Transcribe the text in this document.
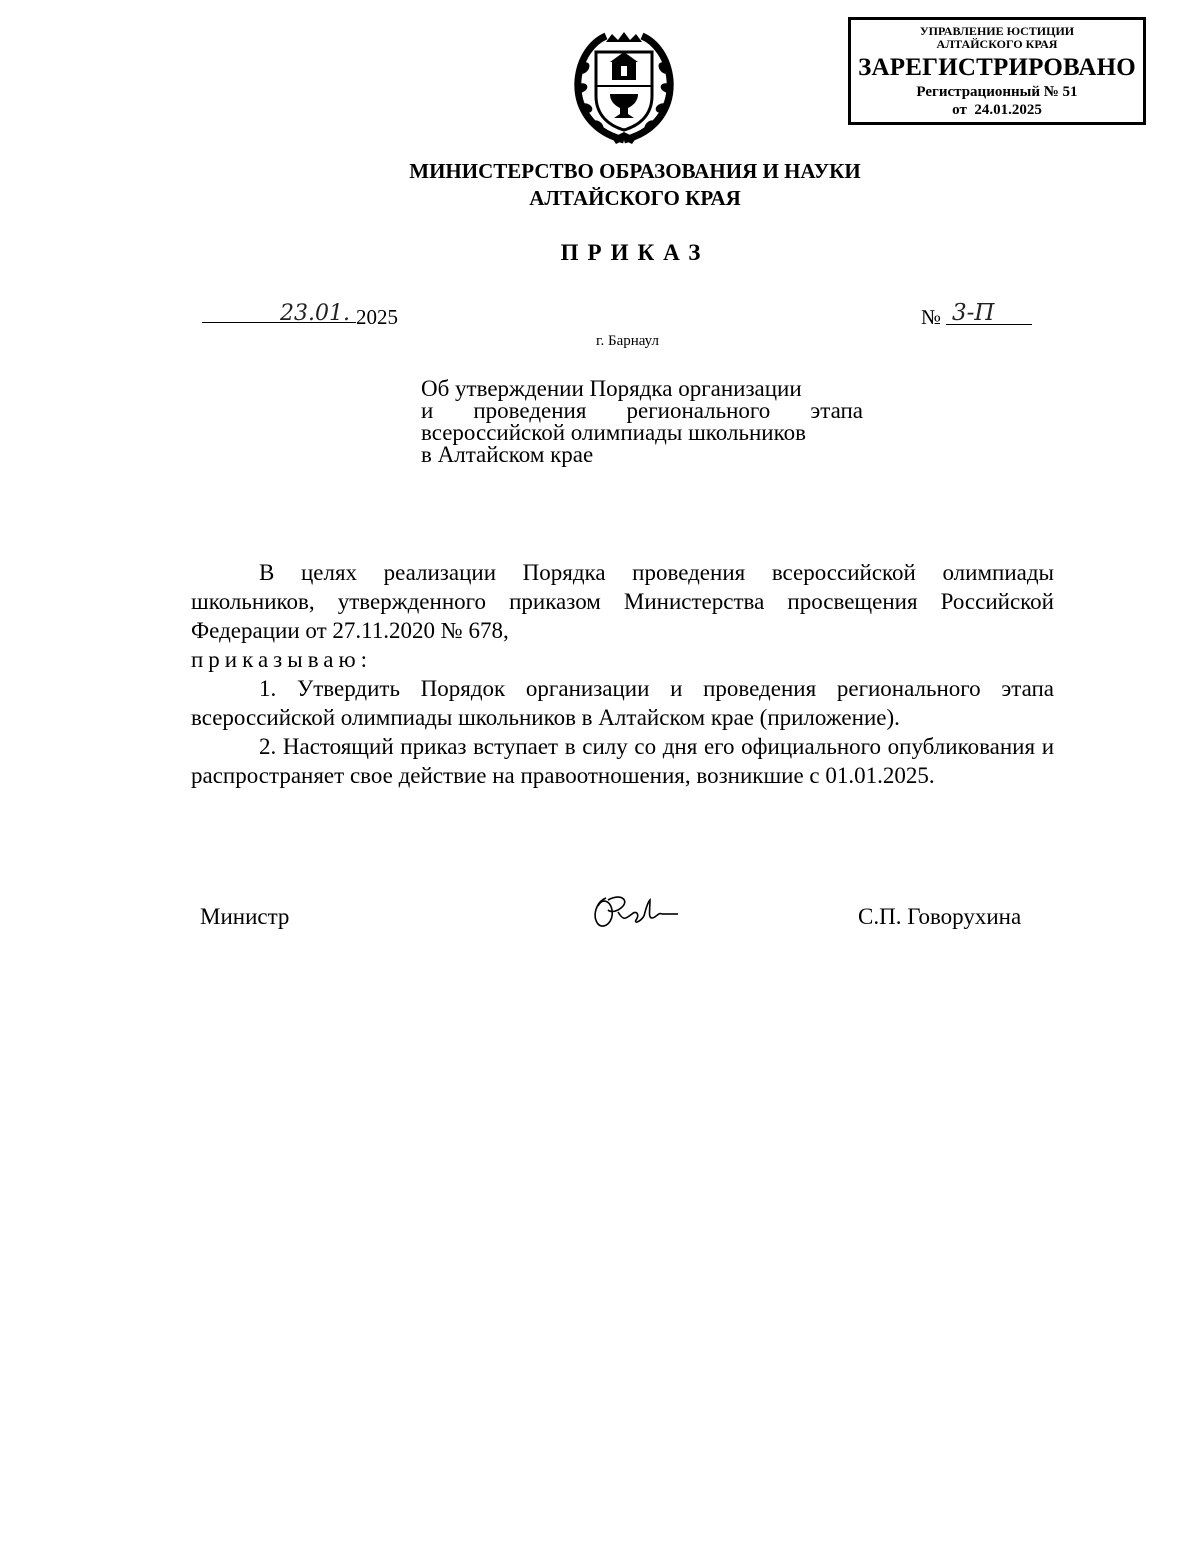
УПРАВЛЕНИЕ ЮСТИЦИИ
АЛТАЙСКОГО КРАЯ
ЗАРЕГИСТРИРОВАНО
Регистрационный № 51
от  24.01.2025
МИНИСТЕРСТВО ОБРАЗОВАНИЯ И НАУКИ
АЛТАЙСКОГО КРАЯ
ПРИКАЗ
23.01. 2025	№ 3-П
г. Барнаул
Об утверждении Порядка организации
и  проведения  регионального  этапа
всероссийской олимпиады школьников
в Алтайском крае

В целях реализации Порядка проведения всероссийской олимпиады школьников, утвержденного приказом Министерства просвещения Российской Федерации от 27.11.2020 № 678,

приказываю:

1. Утвердить Порядок организации и проведения регионального этапа всероссийской олимпиады школьников в Алтайском крае (приложение).

2. Настоящий приказ вступает в силу со дня его официального опубликования и распространяет свое действие на правоотношения, возникшие с 01.01.2025.

Министр	С.П. Говорухина
